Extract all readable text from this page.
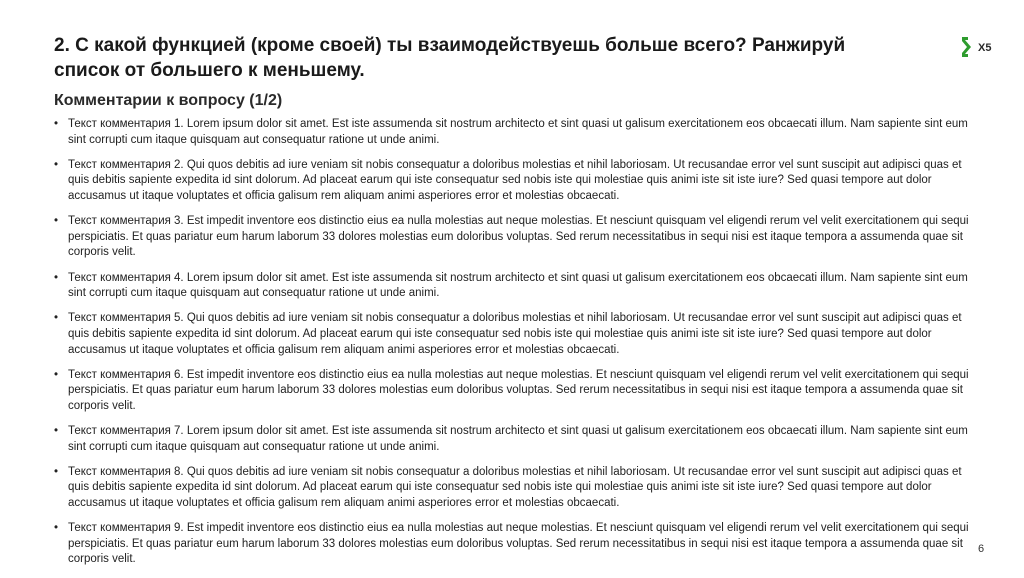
2. С какой функцией (кроме своей) ты взаимодействуешь больше всего? Ранжируй список от большего к меньшему.
X5
Комментарии к вопросу (1/2)
• Текст комментария 1. Lorem ipsum dolor sit amet. Est iste assumenda sit nostrum architecto et sint quasi ut galisum exercitationem eos obcaecati illum. Nam sapiente sint eum sint corrupti cum itaque quisquam aut consequatur ratione ut unde animi.
• Текст комментария 2. Qui quos debitis ad iure veniam sit nobis consequatur a doloribus molestias et nihil laboriosam. Ut recusandae error vel sunt suscipit aut adipisci quas et quis debitis sapiente expedita id sint dolorum. Ad placeat earum qui iste consequatur sed nobis iste qui molestiae quis animi iste sit iste iure? Sed quasi tempore aut dolor accusamus ut itaque voluptates et officia galisum rem aliquam animi asperiores error et molestias obcaecati.
• Текст комментария 3. Est impedit inventore eos distinctio eius ea nulla molestias aut neque molestias. Et nesciunt quisquam vel eligendi rerum vel velit exercitationem qui sequi perspiciatis. Et quas pariatur eum harum laborum 33 dolores molestias eum doloribus voluptas. Sed rerum necessitatibus in sequi nisi est itaque tempora a assumenda quae sit corporis velit.
• Текст комментария 4. Lorem ipsum dolor sit amet. Est iste assumenda sit nostrum architecto et sint quasi ut galisum exercitationem eos obcaecati illum. Nam sapiente sint eum sint corrupti cum itaque quisquam aut consequatur ratione ut unde animi.
• Текст комментария 5. Qui quos debitis ad iure veniam sit nobis consequatur a doloribus molestias et nihil laboriosam. Ut recusandae error vel sunt suscipit aut adipisci quas et quis debitis sapiente expedita id sint dolorum. Ad placeat earum qui iste consequatur sed nobis iste qui molestiae quis animi iste sit iste iure? Sed quasi tempore aut dolor accusamus ut itaque voluptates et officia galisum rem aliquam animi asperiores error et molestias obcaecati.
• Текст комментария 6. Est impedit inventore eos distinctio eius ea nulla molestias aut neque molestias. Et nesciunt quisquam vel eligendi rerum vel velit exercitationem qui sequi perspiciatis. Et quas pariatur eum harum laborum 33 dolores molestias eum doloribus voluptas. Sed rerum necessitatibus in sequi nisi est itaque tempora a assumenda quae sit corporis velit.
• Текст комментария 7. Lorem ipsum dolor sit amet. Est iste assumenda sit nostrum architecto et sint quasi ut galisum exercitationem eos obcaecati illum. Nam sapiente sint eum sint corrupti cum itaque quisquam aut consequatur ratione ut unde animi.
• Текст комментария 8. Qui quos debitis ad iure veniam sit nobis consequatur a doloribus molestias et nihil laboriosam. Ut recusandae error vel sunt suscipit aut adipisci quas et quis debitis sapiente expedita id sint dolorum. Ad placeat earum qui iste consequatur sed nobis iste qui molestiae quis animi iste sit iste iure? Sed quasi tempore aut dolor accusamus ut itaque voluptates et officia galisum rem aliquam animi asperiores error et molestias obcaecati.
• Текст комментария 9. Est impedit inventore eos distinctio eius ea nulla molestias aut neque molestias. Et nesciunt quisquam vel eligendi rerum vel velit exercitationem qui sequi perspiciatis. Et quas pariatur eum harum laborum 33 dolores molestias eum doloribus voluptas. Sed rerum necessitatibus in sequi nisi est itaque tempora a assumenda quae sit corporis velit.
6
